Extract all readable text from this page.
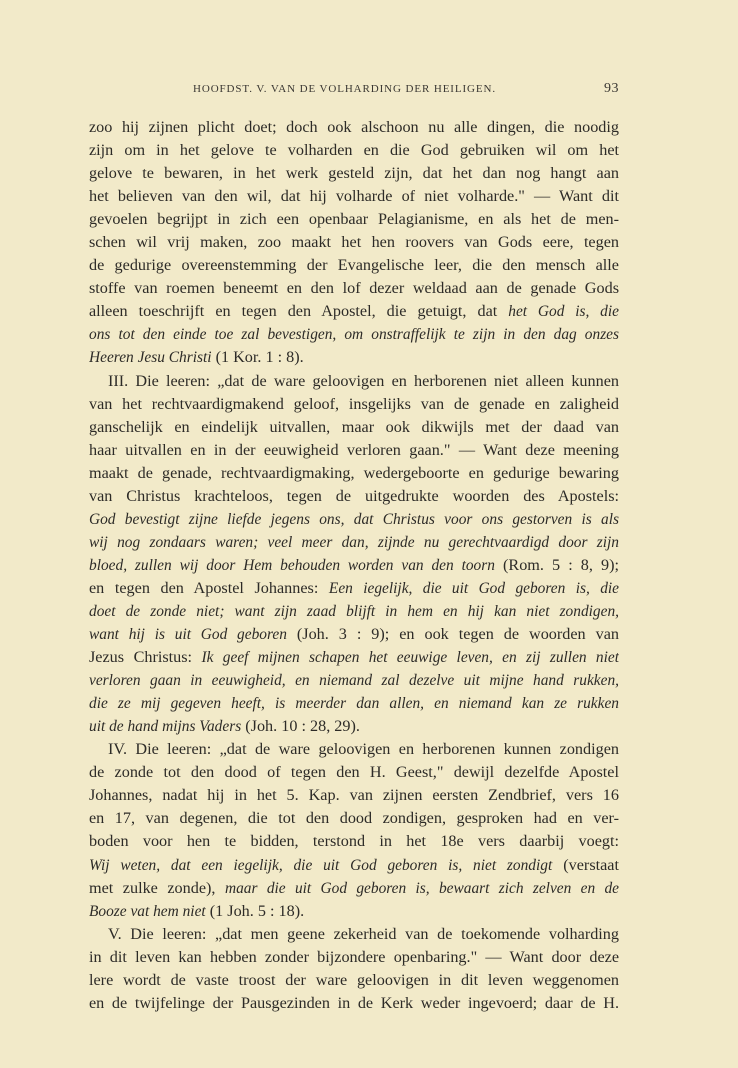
HOOFDST. V. VAN DE VOLHARDING DER HEILIGEN.	93
zoo hij zijnen plicht doet; doch ook alschoon nu alle dingen, die noodig
zijn om in het gelove te volharden en die God gebruiken wil om het
gelove te bewaren, in het werk gesteld zijn, dat het dan nog hangt aan
het believen van den wil, dat hij volharde of niet volharde." — Want dit
gevoelen begrijpt in zich een openbaar Pelagianisme, en als het de men-
schen wil vrij maken, zoo maakt het hen roovers van Gods eere, tegen
de gedurige overeenstemming der Evangelische leer, die den mensch alle
stoffe van roemen beneemt en den lof dezer weldaad aan de genade Gods
alleen toeschrijft en tegen den Apostel, die getuigt, dat het God is, die
ons tot den einde toe zal bevestigen, om onstraffelijk te zijn in den dag onzes
Heeren Jesu Christi (1 Kor. 1 : 8).
III. Die leeren: „dat de ware geloovigen en herborenen niet alleen kunnen
van het rechtvaardigmakend geloof, insgelijks van de genade en zaligheid
ganschelijk en eindelijk uitvallen, maar ook dikwijls met der daad van
haar uitvallen en in der eeuwigheid verloren gaan." — Want deze meening
maakt de genade, rechtvaardigmaking, wedergeboorte en gedurige bewaring
van Christus krachteloos, tegen de uitgedrukte woorden des Apostels:
God bevestigt zijne liefde jegens ons, dat Christus voor ons gestorven is als
wij nog zondaars waren; veel meer dan, zijnde nu gerechtvaardigd door zijn
bloed, zullen wij door Hem behouden worden van den toorn (Rom. 5 : 8, 9);
en tegen den Apostel Johannes: Een iegelijk, die uit God geboren is, die
doet de zonde niet; want zijn zaad blijft in hem en hij kan niet zondigen,
want hij is uit God geboren (Joh. 3 : 9); en ook tegen de woorden van
Jezus Christus: Ik geef mijnen schapen het eeuwige leven, en zij zullen niet
verloren gaan in eeuwigheid, en niemand zal dezelve uit mijne hand rukken,
die ze mij gegeven heeft, is meerder dan allen, en niemand kan ze rukken
uit de hand mijns Vaders (Joh. 10 : 28, 29).
IV. Die leeren: „dat de ware geloovigen en herborenen kunnen zondigen
de zonde tot den dood of tegen den H. Geest," dewijl dezelfde Apostel
Johannes, nadat hij in het 5. Kap. van zijnen eersten Zendbrief, vers 16
en 17, van degenen, die tot den dood zondigen, gesproken had en ver-
boden voor hen te bidden, terstond in het 18e vers daarbij voegt:
Wij weten, dat een iegelijk, die uit God geboren is, niet zondigt (verstaat
met zulke zonde), maar die uit God geboren is, bewaart zich zelven en de
Booze vat hem niet (1 Joh. 5 : 18).
V. Die leeren: „dat men geene zekerheid van de toekomende volharding
in dit leven kan hebben zonder bijzondere openbaring." — Want door deze
lere wordt de vaste troost der ware geloovigen in dit leven weggenomen
en de twijfelinge der Pausgezinden in de Kerk weder ingevoerd; daar de H.
